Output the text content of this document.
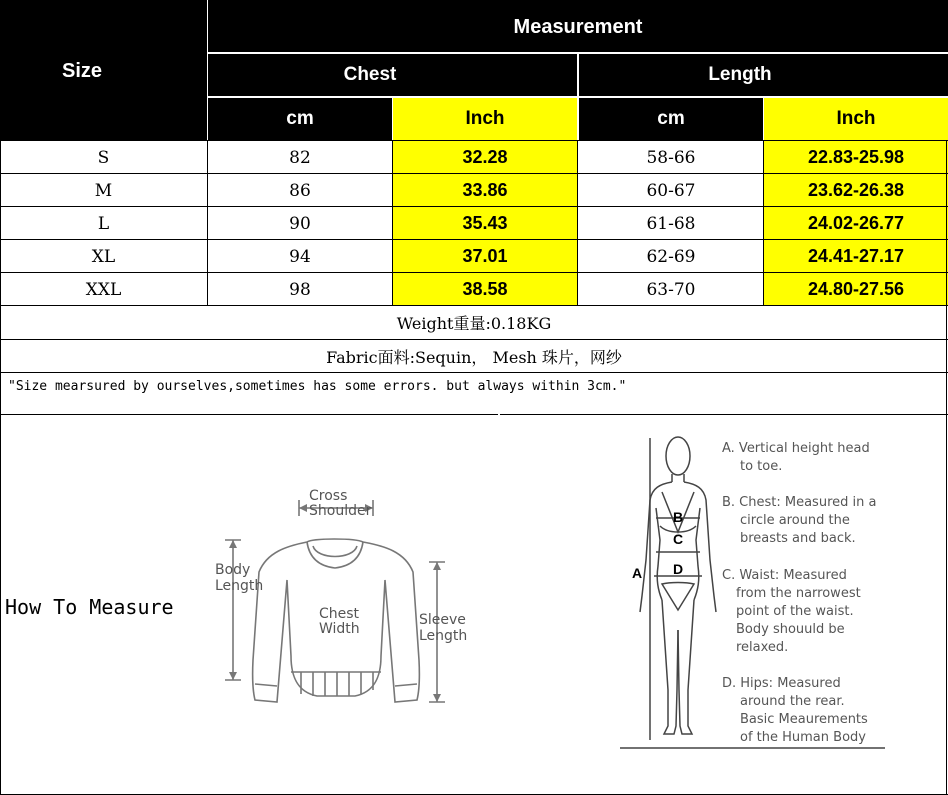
Size
Measurement
Chest	Length
cm	Inch	cm	Inch
S	82	32.28	58-66	22.83-25.98
M	86	33.86	60-67	23.62-26.38
L	90	35.43	61-68	24.02-26.77
XL	94	37.01	62-69	24.41-27.17
XXL	98	38.58	63-70	24.80-27.56
Weight重量:0.18KG
Fabric面料:Sequin， Mesh 珠片，网纱
"Size mearsured by ourselves,sometimes has some errors. but always within 3cm."
How To Measure
Cross
Shoulder
Body
Length
Chest
Width
Sleeve
Length
A
B
C
D
A. Vertical height head
to toe.
B. Chest: Measured in a
circle around the
breasts and back.
C. Waist: Measured
from the narrowest
point of the waist.
Body shouuld be
relaxed.
D. Hips: Measured
around the rear.
Basic Meaurements
of the Human Body
